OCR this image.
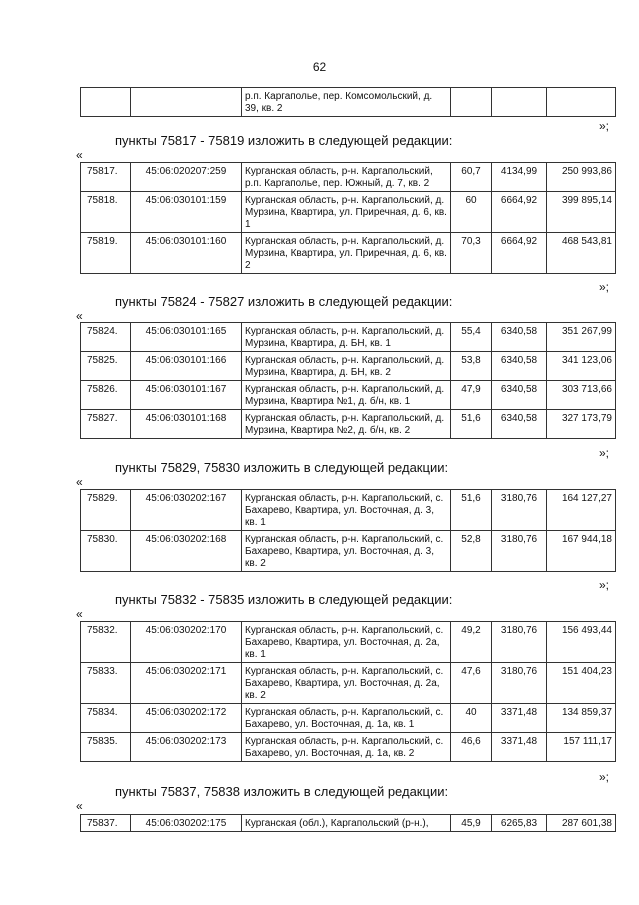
62
		р.п. Каргаполье, пер. Комсомольский, д. 39, кв. 2			
»;
пункты 75817 - 75819 изложить в следующей редакции:
«
75817.	45:06:020207:259	Курганская область, р-н. Каргапольский, р.п. Каргаполье, пер. Южный, д. 7, кв. 2	60,7	4134,99	250 993,86
75818.	45:06:030101:159	Курганская область, р-н. Каргапольский, д. Мурзина, Квартира, ул. Приречная, д. 6, кв. 1	60	6664,92	399 895,14
75819.	45:06:030101:160	Курганская область, р-н. Каргапольский, д. Мурзина, Квартира, ул. Приречная, д. 6, кв. 2	70,3	6664,92	468 543,81
»;
пункты 75824 - 75827 изложить в следующей редакции:
«
75824.	45:06:030101:165	Курганская область, р-н. Каргапольский, д. Мурзина, Квартира, д. БН, кв. 1	55,4	6340,58	351 267,99
75825.	45:06:030101:166	Курганская область, р-н. Каргапольский, д. Мурзина, Квартира, д. БН, кв. 2	53,8	6340,58	341 123,06
75826.	45:06:030101:167	Курганская область, р-н. Каргапольский, д. Мурзина, Квартира №1, д. б/н, кв. 1	47,9	6340,58	303 713,66
75827.	45:06:030101:168	Курганская область, р-н. Каргапольский, д. Мурзина, Квартира №2, д. б/н, кв. 2	51,6	6340,58	327 173,79
»;
пункты 75829, 75830 изложить в следующей редакции:
«
75829.	45:06:030202:167	Курганская область, р-н. Каргапольский, с. Бахарево, Квартира, ул. Восточная, д. 3, кв. 1	51,6	3180,76	164 127,27
75830.	45:06:030202:168	Курганская область, р-н. Каргапольский, с. Бахарево, Квартира, ул. Восточная, д. 3, кв. 2	52,8	3180,76	167 944,18
»;
пункты 75832 - 75835 изложить в следующей редакции:
«
75832.	45:06:030202:170	Курганская область, р-н. Каргапольский, с. Бахарево, Квартира, ул. Восточная, д. 2а, кв. 1	49,2	3180,76	156 493,44
75833.	45:06:030202:171	Курганская область, р-н. Каргапольский, с. Бахарево, Квартира, ул. Восточная, д. 2а, кв. 2	47,6	3180,76	151 404,23
75834.	45:06:030202:172	Курганская область, р-н. Каргапольский, с. Бахарево, ул. Восточная, д. 1а, кв. 1	40	3371,48	134 859,37
75835.	45:06:030202:173	Курганская область, р-н. Каргапольский, с. Бахарево, ул. Восточная, д. 1а, кв. 2	46,6	3371,48	157 111,17
»;
пункты 75837, 75838 изложить в следующей редакции:
«
75837.	45:06:030202:175	Курганская (обл.), Каргапольский (р-н.),	45,9	6265,83	287 601,38
